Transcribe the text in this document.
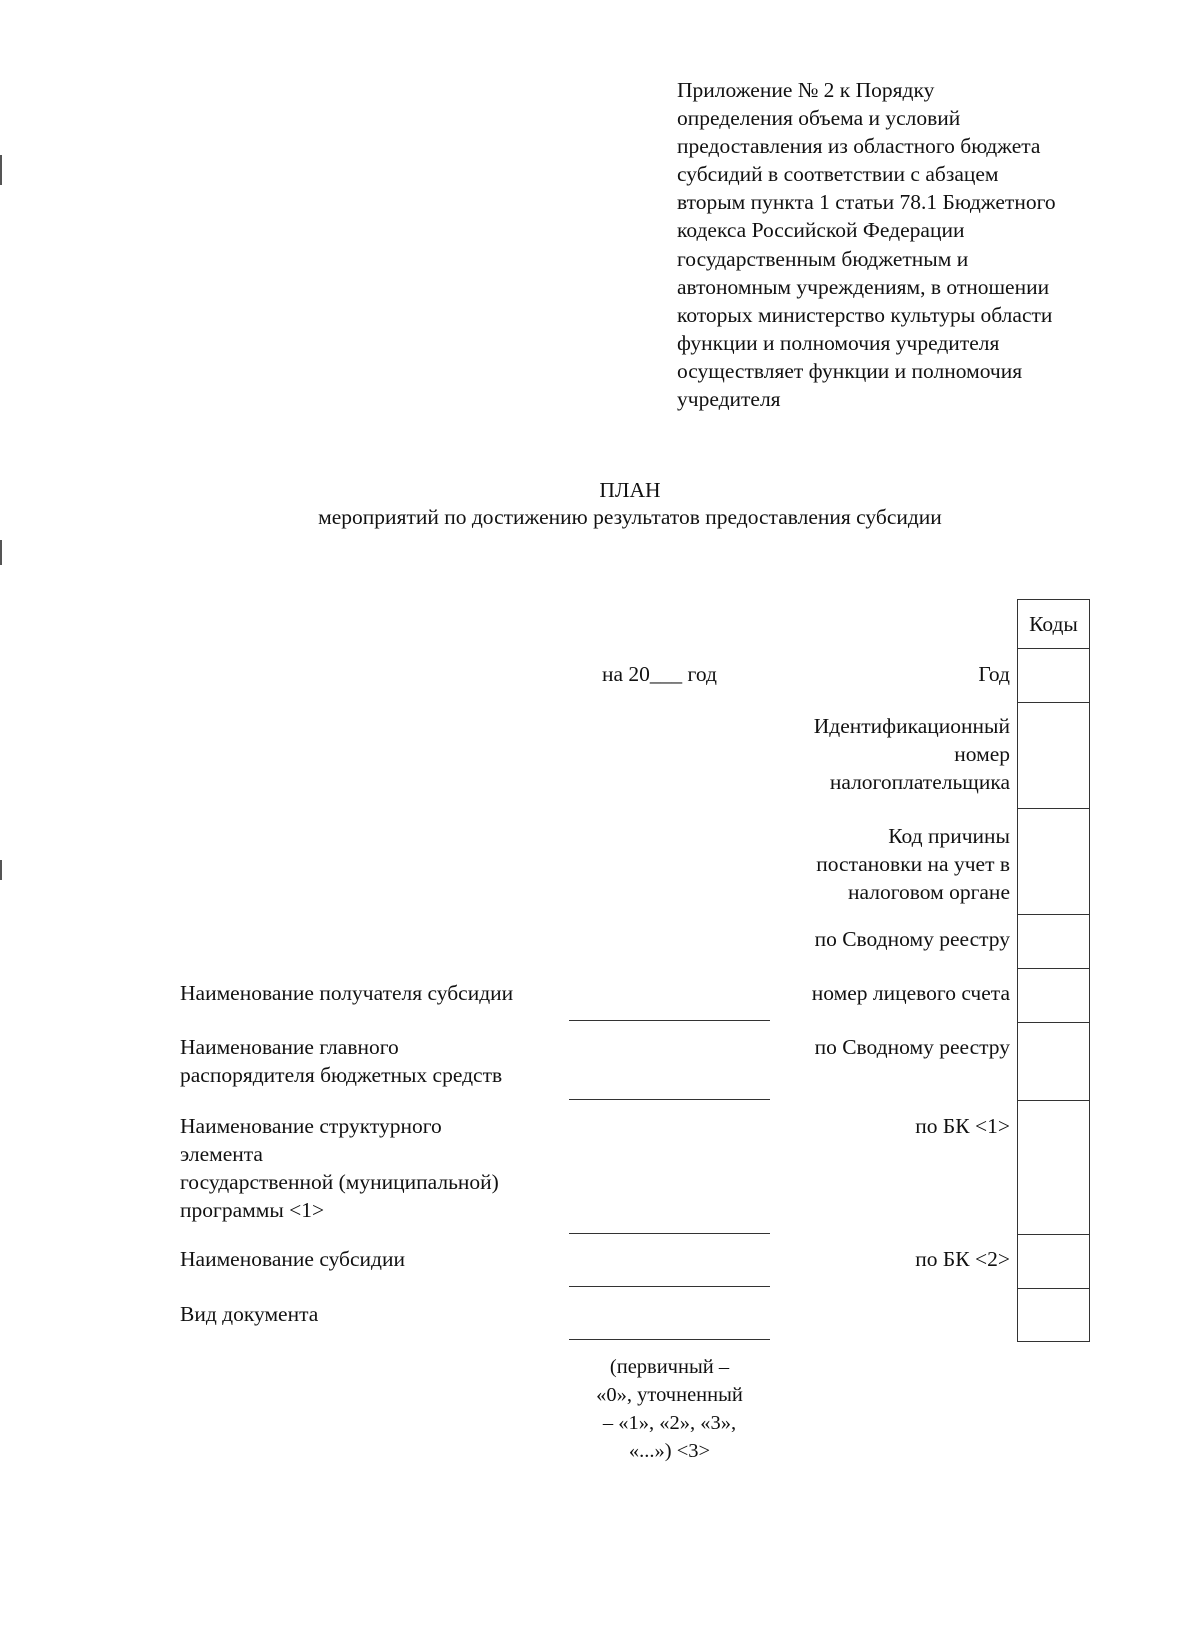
Приложение № 2 к Порядку
определения объема и условий
предоставления из областного бюджета
субсидий в соответствии с абзацем
вторым пункта 1 статьи 78.1 Бюджетного
кодекса Российской Федерации
государственным бюджетным и
автономным учреждениям, в отношении
которых министерство культуры области
функции и полномочия учредителя
осуществляет функции и полномочия
учредителя
ПЛАН
мероприятий по достижению результатов предоставления субсидии
на 20___ год	Год
Идентификационный
номер
налогоплательщика
Код причины
постановки на учет в
налоговом органе
по Сводному реестру
номер лицевого счета
по Сводному реестру
по БК <1>
по БК <2>
Коды
Наименование получателя субсидии
Наименование главного
распорядителя бюджетных средств
Наименование структурного
элемента
государственной (муниципальной)
программы <1>
Наименование субсидии
Вид документа
(первичный –
«0», уточненный
– «1», «2», «3»,
«...») <3>
